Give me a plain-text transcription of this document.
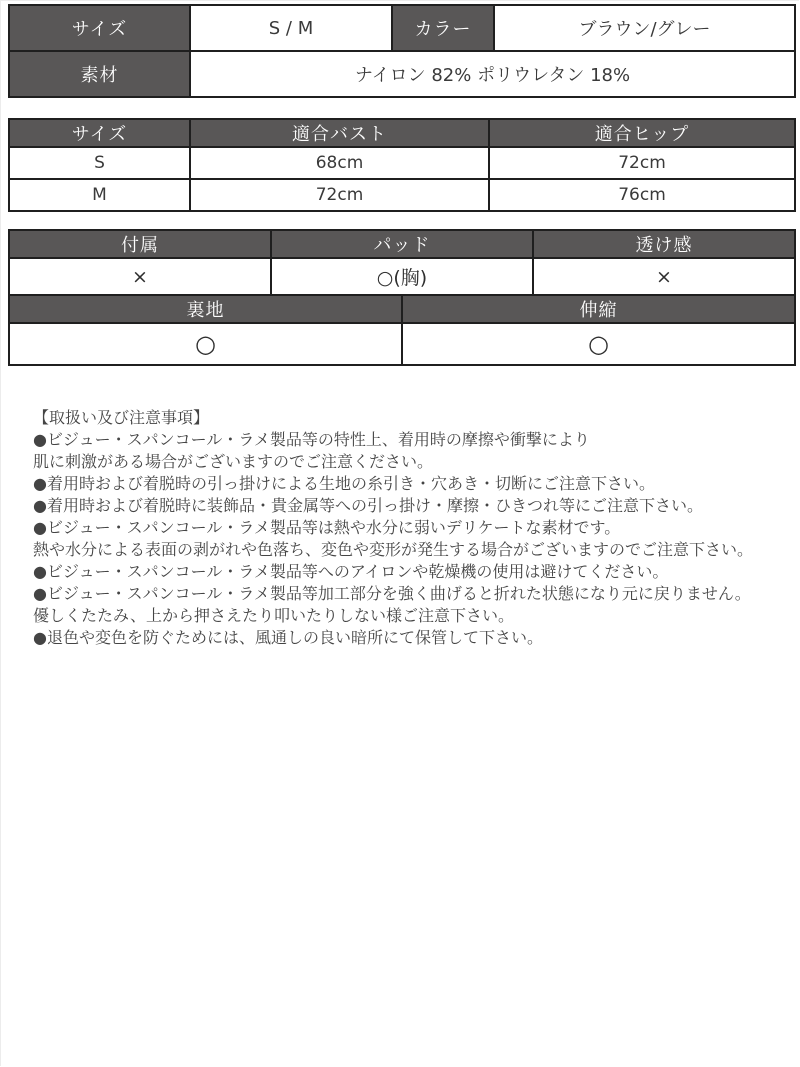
サイズ	S / M	カラー	ブラウン/グレー
素材	ナイロン 82% ポリウレタン 18%		
サイズ	適合バスト	適合ヒップ
S	68cm	72cm
M	72cm	76cm
付属	パッド		透け感
×	○(胸)		×
裏地		伸縮	
○		○	
【取扱い及び注意事項】
●ビジュー・スパンコール・ラメ製品等の特性上、着用時の摩擦や衝撃により
肌に刺激がある場合がございますのでご注意ください。
●着用時および着脱時の引っ掛けによる生地の糸引き・穴あき・切断にご注意下さい。
●着用時および着脱時に装飾品・貴金属等への引っ掛け・摩擦・ひきつれ等にご注意下さい。
●ビジュー・スパンコール・ラメ製品等は熱や水分に弱いデリケートな素材です。
熱や水分による表面の剥がれや色落ち、変色や変形が発生する場合がございますのでご注意下さい。
●ビジュー・スパンコール・ラメ製品等へのアイロンや乾燥機の使用は避けてください。
●ビジュー・スパンコール・ラメ製品等加工部分を強く曲げると折れた状態になり元に戻りません。
優しくたたみ、上から押さえたり叩いたりしない様ご注意下さい。
●退色や変色を防ぐためには、風通しの良い暗所にて保管して下さい。
